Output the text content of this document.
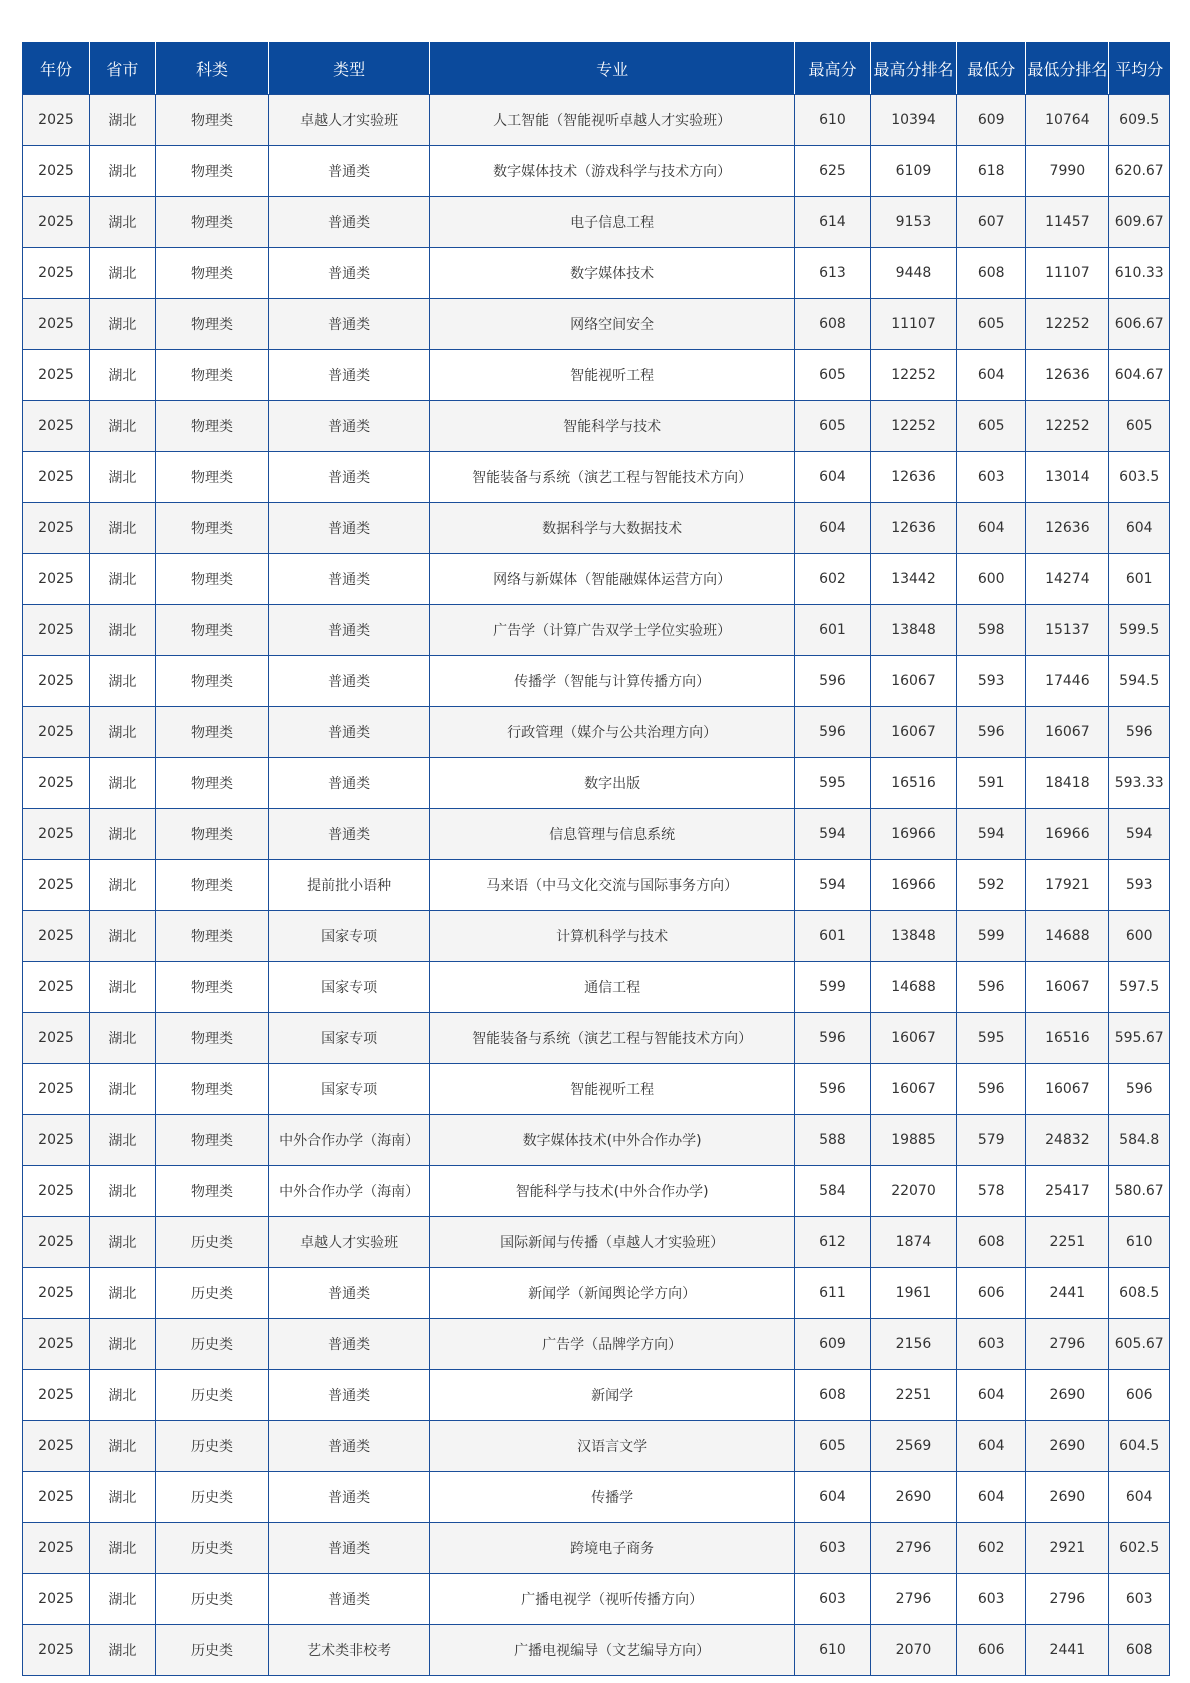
年份	省市	科类	类型	专业	最高分	最高分排名	最低分	最低分排名	平均分
2025	湖北	物理类	卓越人才实验班	人工智能（智能视听卓越人才实验班）	610	10394	609	10764	609.5
2025	湖北	物理类	普通类	数字媒体技术（游戏科学与技术方向）	625	6109	618	7990	620.67
2025	湖北	物理类	普通类	电子信息工程	614	9153	607	11457	609.67
2025	湖北	物理类	普通类	数字媒体技术	613	9448	608	11107	610.33
2025	湖北	物理类	普通类	网络空间安全	608	11107	605	12252	606.67
2025	湖北	物理类	普通类	智能视听工程	605	12252	604	12636	604.67
2025	湖北	物理类	普通类	智能科学与技术	605	12252	605	12252	605
2025	湖北	物理类	普通类	智能装备与系统（演艺工程与智能技术方向）	604	12636	603	13014	603.5
2025	湖北	物理类	普通类	数据科学与大数据技术	604	12636	604	12636	604
2025	湖北	物理类	普通类	网络与新媒体（智能融媒体运营方向）	602	13442	600	14274	601
2025	湖北	物理类	普通类	广告学（计算广告双学士学位实验班）	601	13848	598	15137	599.5
2025	湖北	物理类	普通类	传播学（智能与计算传播方向）	596	16067	593	17446	594.5
2025	湖北	物理类	普通类	行政管理（媒介与公共治理方向）	596	16067	596	16067	596
2025	湖北	物理类	普通类	数字出版	595	16516	591	18418	593.33
2025	湖北	物理类	普通类	信息管理与信息系统	594	16966	594	16966	594
2025	湖北	物理类	提前批小语种	马来语（中马文化交流与国际事务方向）	594	16966	592	17921	593
2025	湖北	物理类	国家专项	计算机科学与技术	601	13848	599	14688	600
2025	湖北	物理类	国家专项	通信工程	599	14688	596	16067	597.5
2025	湖北	物理类	国家专项	智能装备与系统（演艺工程与智能技术方向）	596	16067	595	16516	595.67
2025	湖北	物理类	国家专项	智能视听工程	596	16067	596	16067	596
2025	湖北	物理类	中外合作办学（海南）	数字媒体技术(中外合作办学)	588	19885	579	24832	584.8
2025	湖北	物理类	中外合作办学（海南）	智能科学与技术(中外合作办学)	584	22070	578	25417	580.67
2025	湖北	历史类	卓越人才实验班	国际新闻与传播（卓越人才实验班）	612	1874	608	2251	610
2025	湖北	历史类	普通类	新闻学（新闻舆论学方向）	611	1961	606	2441	608.5
2025	湖北	历史类	普通类	广告学（品牌学方向）	609	2156	603	2796	605.67
2025	湖北	历史类	普通类	新闻学	608	2251	604	2690	606
2025	湖北	历史类	普通类	汉语言文学	605	2569	604	2690	604.5
2025	湖北	历史类	普通类	传播学	604	2690	604	2690	604
2025	湖北	历史类	普通类	跨境电子商务	603	2796	602	2921	602.5
2025	湖北	历史类	普通类	广播电视学（视听传播方向）	603	2796	603	2796	603
2025	湖北	历史类	艺术类非校考	广播电视编导（文艺编导方向）	610	2070	606	2441	608
